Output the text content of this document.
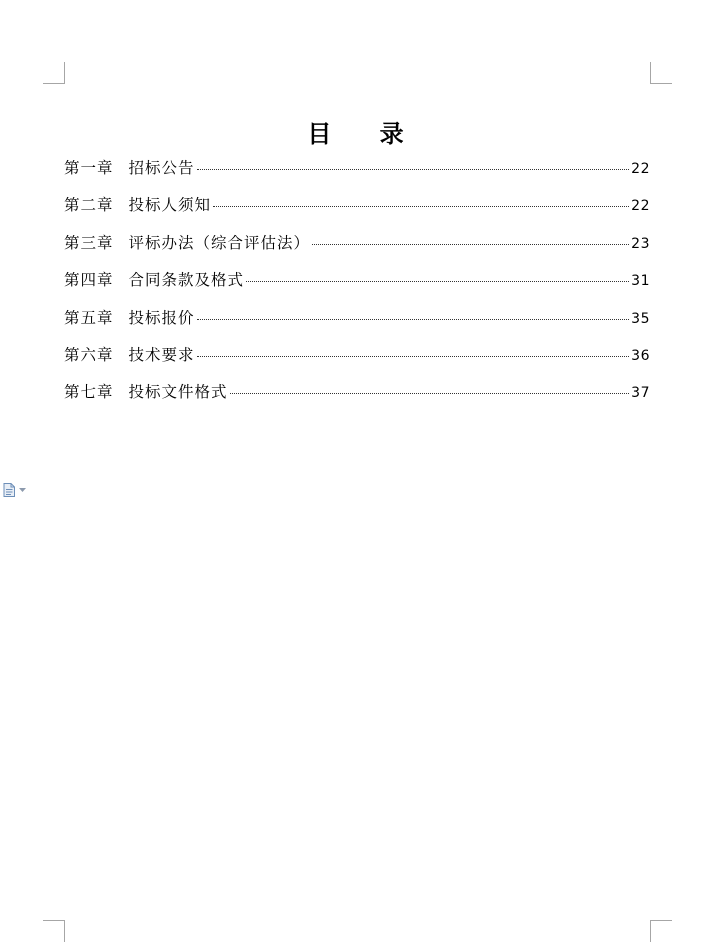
目 录
第一章 招标公告	22
第二章 投标人须知	22
第三章 评标办法（综合评估法）	23
第四章 合同条款及格式	31
第五章 投标报价	35
第六章 技术要求	36
第七章 投标文件格式	37
